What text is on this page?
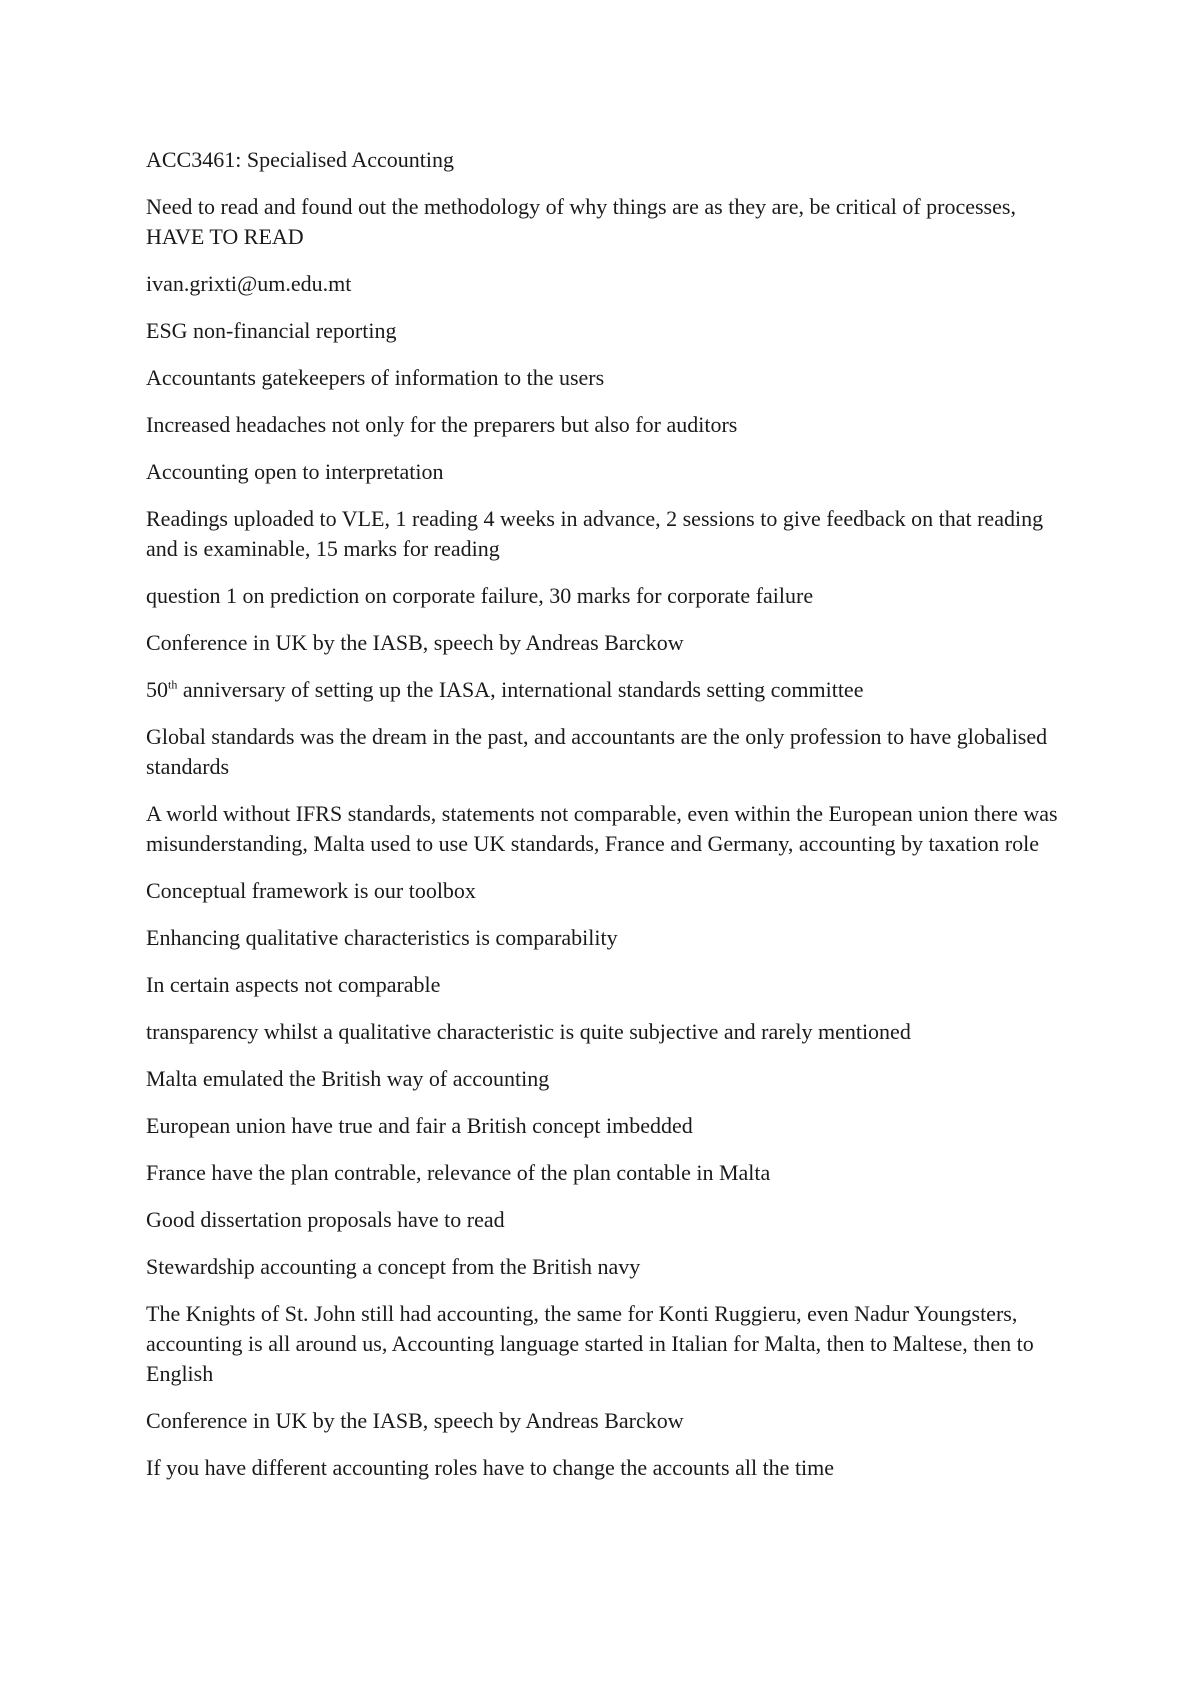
ACC3461: Specialised Accounting

Need to read and found out the methodology of why things are as they are, be critical of processes, HAVE TO READ

ivan.grixti@um.edu.mt

ESG non-financial reporting

Accountants gatekeepers of information to the users

Increased headaches not only for the preparers but also for auditors

Accounting open to interpretation

Readings uploaded to VLE, 1 reading 4 weeks in advance, 2 sessions to give feedback on that reading and is examinable, 15 marks for reading

question 1 on prediction on corporate failure, 30 marks for corporate failure

Conference in UK by the IASB, speech by Andreas Barckow

50th anniversary of setting up the IASA, international standards setting committee

Global standards was the dream in the past, and accountants are the only profession to have globalised standards

A world without IFRS standards, statements not comparable, even within the European union there was misunderstanding, Malta used to use UK standards, France and Germany, accounting by taxation role

Conceptual framework is our toolbox

Enhancing qualitative characteristics is comparability

In certain aspects not comparable

transparency whilst a qualitative characteristic is quite subjective and rarely mentioned

Malta emulated the British way of accounting

European union have true and fair a British concept imbedded

France have the plan contrable, relevance of the plan contable in Malta

Good dissertation proposals have to read

Stewardship accounting a concept from the British navy

The Knights of St. John still had accounting, the same for Konti Ruggieru, even Nadur Youngsters, accounting is all around us, Accounting language started in Italian for Malta, then to Maltese, then to English

Conference in UK by the IASB, speech by Andreas Barckow

If you have different accounting roles have to change the accounts all the time
